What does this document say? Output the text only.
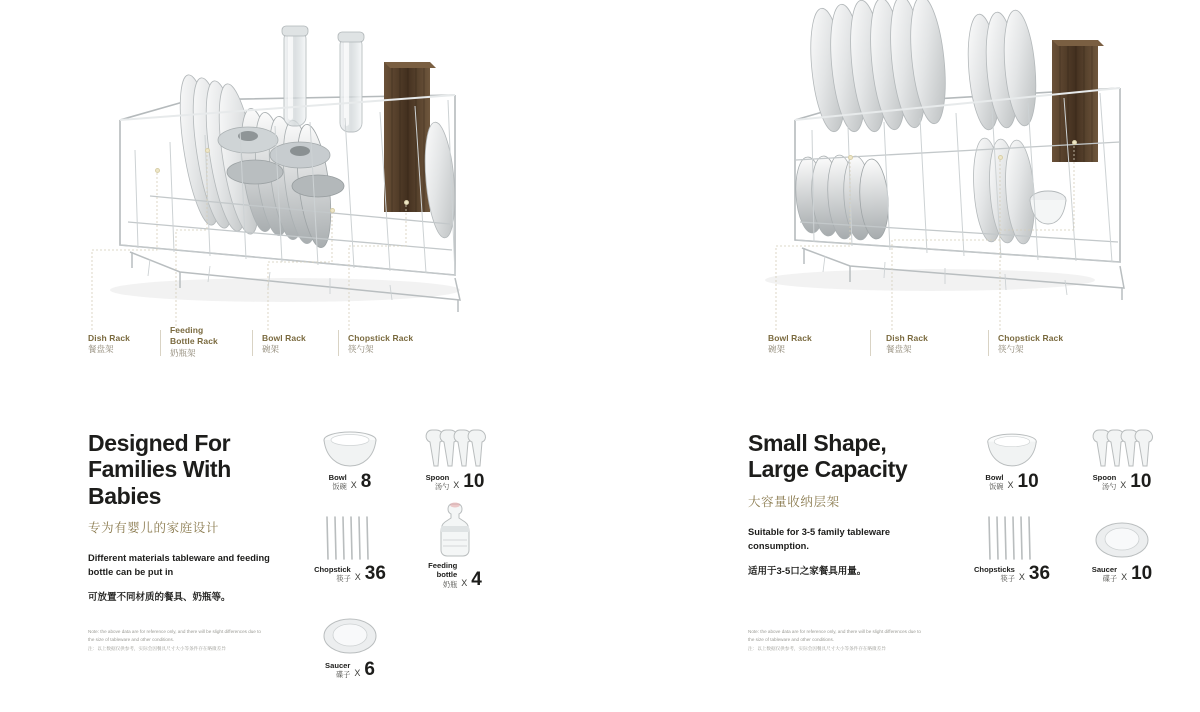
Dish Rack
餐盘架
Feeding
Bottle Rack
奶瓶架
Bowl Rack
碗架
Chopstick Rack
筷勺架
Designed For
Families With Babies
专为有婴儿的家庭设计
Different materials tableware and feeding bottle can be put in
可放置不同材质的餐具、奶瓶等。
Note: the above data are for reference only, and there will be slight differences due to the size of tableware and other conditions.
注：以上数据仅供参考，实际会因餐具尺寸大小等条件存在略微差异
Bowl
饭碗 X 8	Spoon
汤勺 X 10
Chopstick
筷子 X 36	Feeding
bottle
奶瓶 X 4
Saucer
碟子 X 6
Bowl Rack
碗架
Dish Rack
餐盘架
Chopstick Rack
筷勺架
Small Shape,
Large Capacity
大容量收纳层架
Suitable for 3-5 family tableware consumption.
适用于3-5口之家餐具用量。
Note: the above data are for reference only, and there will be slight differences due to the size of tableware and other conditions.
注：以上数据仅供参考，实际会因餐具尺寸大小等条件存在略微差异
Bowl
饭碗 X 10	Spoon
汤勺 X 10
Chopsticks
筷子 X 36	Saucer
碟子 X 10
